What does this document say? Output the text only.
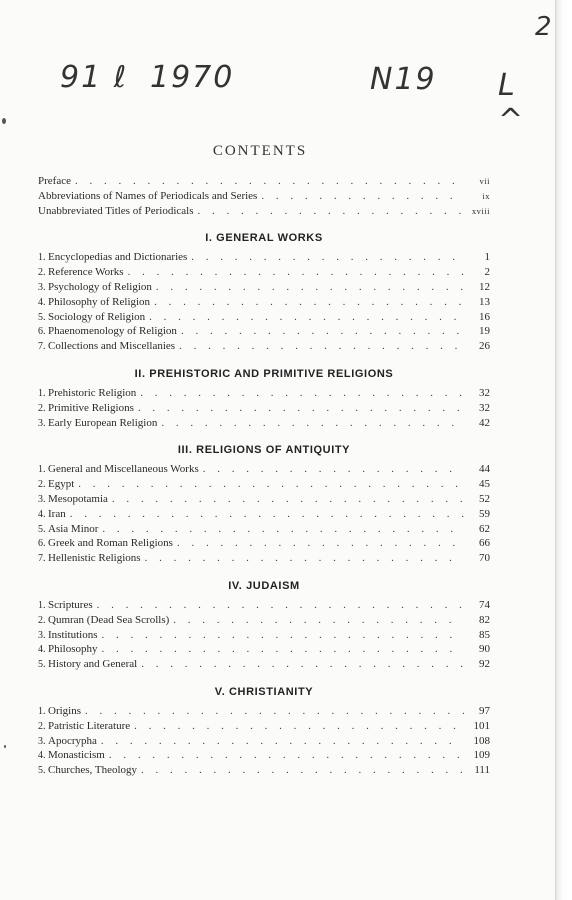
2
91 ℓ 1970	N19 L ^
CONTENTS
Preface . . .	vii
Abbreviations of Names of Periodicals and Series . . .	ix
Unabbreviated Titles of Periodicals . . .	xviii
I. GENERAL WORKS
1. Encyclopedias and Dictionaries . . .	1
2. Reference Works . . .	2
3. Psychology of Religion . . .	12
4. Philosophy of Religion . . .	13
5. Sociology of Religion . . .	16
6. Phaenomenology of Religion . . .	19
7. Collections and Miscellanies . . .	26
II. PREHISTORIC AND PRIMITIVE RELIGIONS
1. Prehistoric Religion . . .	32
2. Primitive Religions . . .	32
3. Early European Religion . . .	42
III. RELIGIONS OF ANTIQUITY
1. General and Miscellaneous Works . . .	44
2. Egypt . . .	45
3. Mesopotamia . . .	52
4. Iran . . .	59
5. Asia Minor . . .	62
6. Greek and Roman Religions . . .	66
7. Hellenistic Religions . . .	70
IV. JUDAISM
1. Scriptures . . .	74
2. Qumran (Dead Sea Scrolls) . . .	82
3. Institutions . . .	85
4. Philosophy . . .	90
5. History and General . . .	92
V. CHRISTIANITY
1. Origins . . .	97
2. Patristic Literature . . .	101
3. Apocrypha . . .	108
4. Monasticism . . .	109
5. Churches, Theology . . .	111
